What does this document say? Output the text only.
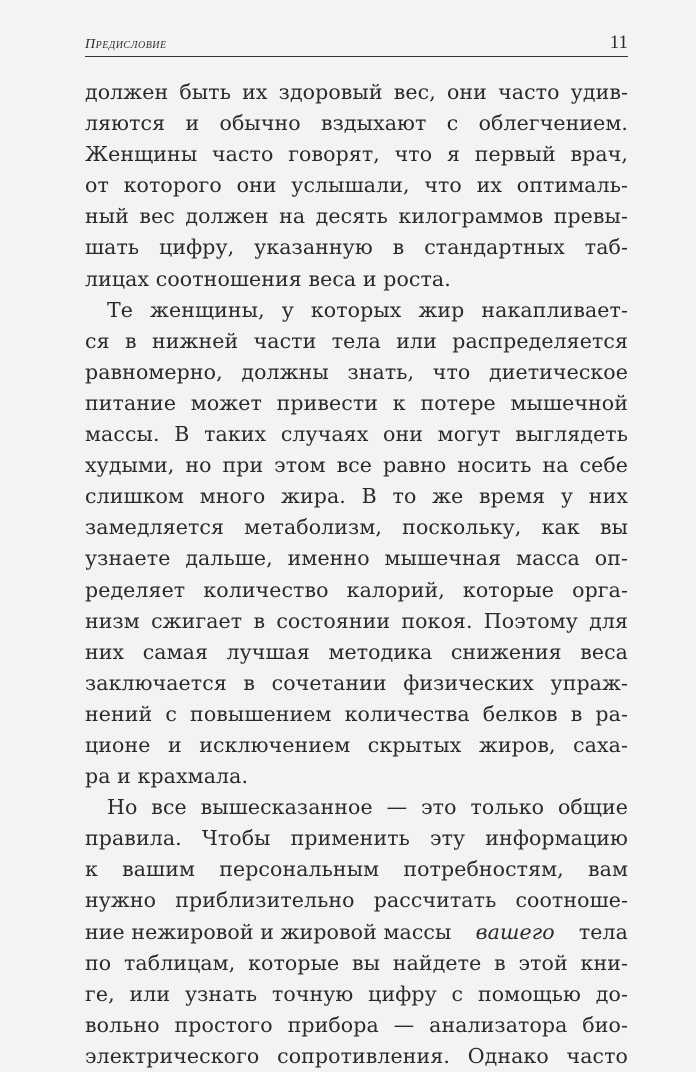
Предисловие	11
должен быть их здоровый вес, они часто удив-
ляются и обычно вздыхают с облегчением.
Женщины часто говорят, что я первый врач,
от которого они услышали, что их оптималь-
ный вес должен на десять килограммов превы-
шать цифру, указанную в стандартных таб-
лицах соотношения веса и роста.
Те женщины, у которых жир накапливает-
ся в нижней части тела или распределяется
равномерно, должны знать, что диетическое
питание может привести к потере мышечной
массы. В таких случаях они могут выглядеть
худыми, но при этом все равно носить на себе
слишком много жира. В то же время у них
замедляется метаболизм, поскольку, как вы
узнаете дальше, именно мышечная масса оп-
ределяет количество калорий, которые орга-
низм сжигает в состоянии покоя. Поэтому для
них самая лучшая методика снижения веса
заключается в сочетании физических упраж-
нений с повышением количества белков в ра-
ционе и исключением скрытых жиров, саха-
ра и крахмала.
Но все вышесказанное — это только общие
правила. Чтобы применить эту информацию
к вашим персональным потребностям, вам
нужно приблизительно рассчитать соотноше-
ние нежировой и жировой массы вашего тела
по таблицам, которые вы найдете в этой кни-
ге, или узнать точную цифру с помощью до-
вольно простого прибора — анализатора био-
электрического сопротивления. Однако часто
